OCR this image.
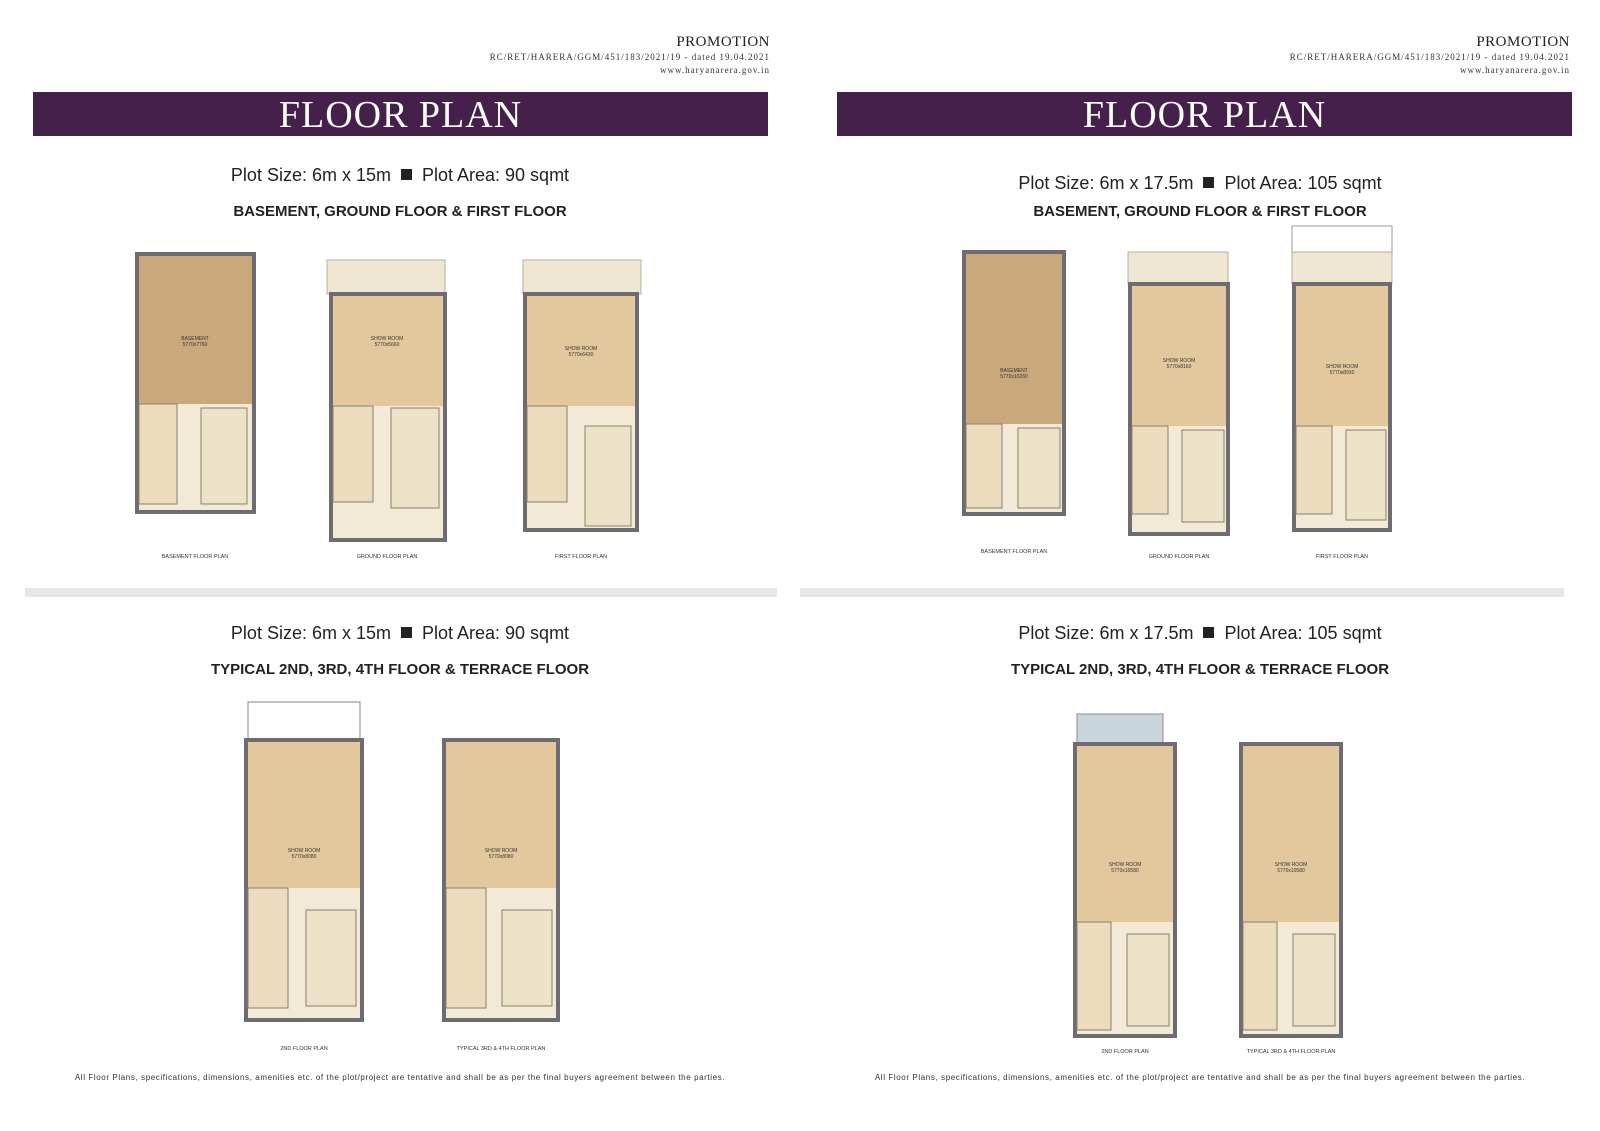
PROMOTION
RC/RET/HARERA/GGM/451/183/2021/19 - dated 19.04.2021
www.haryanarera.gov.in
FLOOR PLAN
Plot Size: 6m x 15m Plot Area: 90 sqmt
BASEMENT, GROUND FLOOR & FIRST FLOOR
BASEMENT
5770x7760
BASEMENT FLOOR PLAN
SHOW ROOM
5770x5660
GROUND FLOOR PLAN
SHOW ROOM
5770x6430
FIRST FLOOR PLAN
Plot Size: 6m x 15m Plot Area: 90 sqmt
TYPICAL 2ND, 3RD, 4TH FLOOR & TERRACE FLOOR
SHOW ROOM
5770x8080
2ND FLOOR PLAN
SHOW ROOM
5770x8080
TYPICAL 3RD & 4TH FLOOR PLAN
All Floor Plans, specifications, dimensions, amenities etc. of the plot/project are tentative and shall be as per the final buyers agreement between the parties.
PROMOTION
RC/RET/HARERA/GGM/451/183/2021/19 - dated 19.04.2021
www.haryanarera.gov.in
FLOOR PLAN
Plot Size: 6m x 17.5m Plot Area: 105 sqmt
BASEMENT, GROUND FLOOR & FIRST FLOOR
BASEMENT
5770x10260
BASEMENT FLOOR PLAN
SHOW ROOM
5770x8160
GROUND FLOOR PLAN
SHOW ROOM
5770x8930
FIRST FLOOR PLAN
Plot Size: 6m x 17.5m Plot Area: 105 sqmt
TYPICAL 2ND, 3RD, 4TH FLOOR & TERRACE FLOOR
SHOW ROOM
5770x10580
2ND FLOOR PLAN
SHOW ROOM
5770x10580
TYPICAL 3RD & 4TH FLOOR PLAN
All Floor Plans, specifications, dimensions, amenities etc. of the plot/project are tentative and shall be as per the final buyers agreement between the parties.
